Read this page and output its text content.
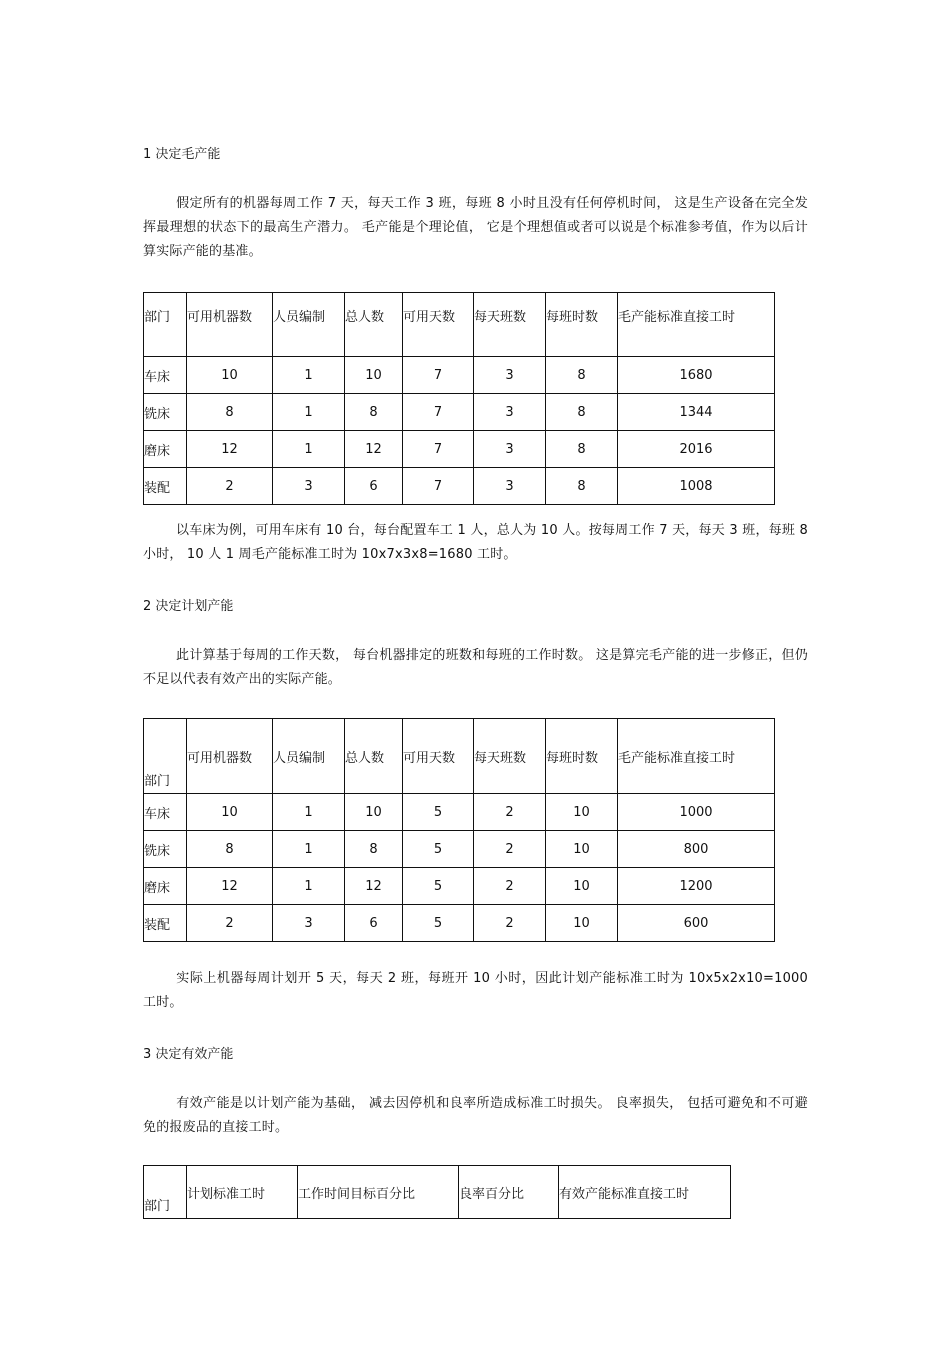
1 决定毛产能
假定所有的机器每周工作 7 天，每天工作 3 班，每班 8 小时且没有任何停机时间， 这是生产设备在完全发挥最理想的状态下的最高生产潜力。 毛产能是个理论值， 它是个理想值或者可以说是个标准参考值，作为以后计算实际产能的基准。
部门	可用机器数	人员编制	总人数	可用天数	每天班数	每班时数	毛产能标准直接工时
车床	10	1	10	7	3	8	1680
铣床	8	1	8	7	3	8	1344
磨床	12	1	12	7	3	8	2016
装配	2	3	6	7	3	8	1008
以车床为例，可用车床有 10 台，每台配置车工 1 人，总人为 10 人。按每周工作 7 天，每天 3 班，每班 8 小时， 10 人 1 周毛产能标准工时为 10x7x3x8=1680 工时。
2 决定计划产能
此计算基于每周的工作天数， 每台机器排定的班数和每班的工作时数。 这是算完毛产能的进一步修正，但仍不足以代表有效产出的实际产能。
部门	可用机器数	人员编制	总人数	可用天数	每天班数	每班时数	毛产能标准直接工时
车床	10	1	10	5	2	10	1000
铣床	8	1	8	5	2	10	800
磨床	12	1	12	5	2	10	1200
装配	2	3	6	5	2	10	600
实际上机器每周计划开 5 天，每天 2 班，每班开 10 小时，因此计划产能标准工时为 10x5x2x10=1000 工时。
3 决定有效产能
有效产能是以计划产能为基础， 减去因停机和良率所造成标准工时损失。 良率损失， 包括可避免和不可避免的报废品的直接工时。
部门	计划标准工时	工作时间目标百分比	良率百分比	有效产能标准直接工时
